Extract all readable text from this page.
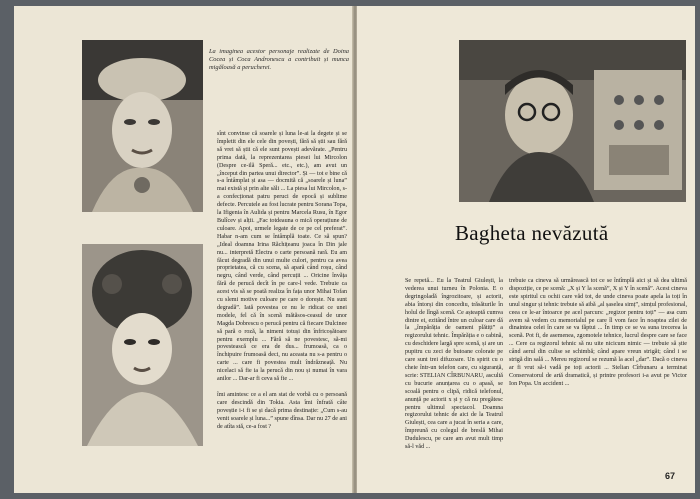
La imaginea acestor personaje realizate de Doina Cocea și Coca Andronescu a contribuit și munca migăloasă a perucherei.
sînt convinse că soarele și luna le-ai la degete și se împletit din ele cele din povești, fără să știi sau fără să vrei să știi că ele sunt povești adevărate. „Pentru prima dată, la reprezentarea piesei lui Mircolon (Despre ce-ilă Speră... etc., etc.), am avut un „început din partea unui director”. Și — tot e bine că s-a întâmplat și asa — docmită că „soarele și luna” mai există și prin alte săli ... La piesa lui Mircolon, s-a confecționat patru peruci de epocă și sublime defecte. Percutele au fost lucrate pentru Sorana Topa, la Ifigenia în Aulida și pentru Marcela Rusu, în Egor Bulîcev și alții. „Fac totdeauna o mică operațiune de culoare. Apoi, urmele legate de ce pe cel preferat”. Habar n-am cum se întâmplă toate. Ce să spun? „Ideal doamna Irina Răchițeanu joaca în Din jale nu... interpretă Electra o carte persoană rară. Eu am făcut degradă din unui multe culori, pentru ca avea proprietatea, că cu scena, să apară când roșu, când negru, când verde, când percuții ... Oricine învăța fără de perucă decît în pe care-l vede. Trebuie ca acest vis să se poată realiza în fața unor Mihai Tofan cu slemi motive culoare pe care o dorește. Nu sunt degradă”. Iată povestea ce nu le ridicat ce unei modele, fel că în scenă mătăsos-ceasul de unor Magda Dobrescu o perucă pentru că fiecare Dulcinee să pară o roză, la nimeni totuși din înfricoșătoare pentru exemplu ... Fără să ne povestesc, să-mi povestească ce era de dus... frumoasă, ca o închipuire frumoasă deci, nu aceasta nu s-a pentru o carte ... care fi povestea mult îndrăzneață. Nu nicelaci să fie ia la perucă din nou și numai în vara anilor ... Dar-ar fi ceva să fie ...

îmi amintesc ce a el am stat de vorbă cu o persoană care descindă din Tokia. Asta îmi înfrată câte poveștie i-i fi se și dacă prima destinație: „Cum s-au venit soarele și luna...” spune dînsa. Dar nu 27 de ani de atîta stă, ce-a fost ?
Bagheta nevăzută
Se repetă... Eu la Teatrul Giulești, la vederea unui turneu în Polonia. E o degringoladă îngrozitoare, și actorii, abia întorși din concediu, trăsăturile în holul de lîngă scenă. Ce așteaptă cumva dintre ei, ezitând între un culoar care dă la „împărăția de oameni plătiți” a regizorului tehnic. Împărăția e o cabină, cu deschidere largă spre scenă, și are un pupitru cu zeci de butoane colorate pe care sunt trei difuzoare. Un spirit cu o cheie într-un telefon care, cu siguranță, scrie: STELIAN CÎRBUNARU, ascultă cu bucurie anunțarea cu o apasă, se scoală pentru o clipă, ridică telefonul, anunță pe actorii x și y că nu pregătesc pentru ultimul spectacol. Doamna regizorului tehnic de aici de la Teatrul Giulești, cea care a jucat în seria a care, împreună cu colegul de breslă Mihai Dudulescu, pe care am avut mult timp să-l văd ...
trebuie ca cineva să urmărească tot ce se întîmplă aici și să dea ultimă dispoziție, ce pe scenă: „X și Y la scenă”, X și Y în scenă”. Acest cineva este spiritul cu ochii care văd tot, de unde cineva poate apela la toți în unul singur și tehnic trebuie să aibă „al șaselea simț”, simțul profesional, ceea ce le-ar întoarce pe acel parcurs: „regizor pentru toți” — asa cum avem să vedem cu memorialul pe care îl vom face în noaptea zilei de dinaintea celei în care se va făptui ... În timp ce se va suna trecerea la scenă. Pot fi, de asemenea, zgomotele tehnice, lucrul despre care se face ... Cere ca regizorul tehnic să nu uite nicicum nimic — trebuie să știe când aerul din culise se schimbă; când apare vreun strigăt; când i se strigă din sală ... Mereu regizorul se rezumă la acel „dar”. Dacă o cineva ar fi vrut să-i vadă pe toți actorii ... Stelian Cîrbunaru a terminat Conservatorul de artă dramatică, și printre profesori i-a avut pe Victor Ion Popa. Un accident ...
67
